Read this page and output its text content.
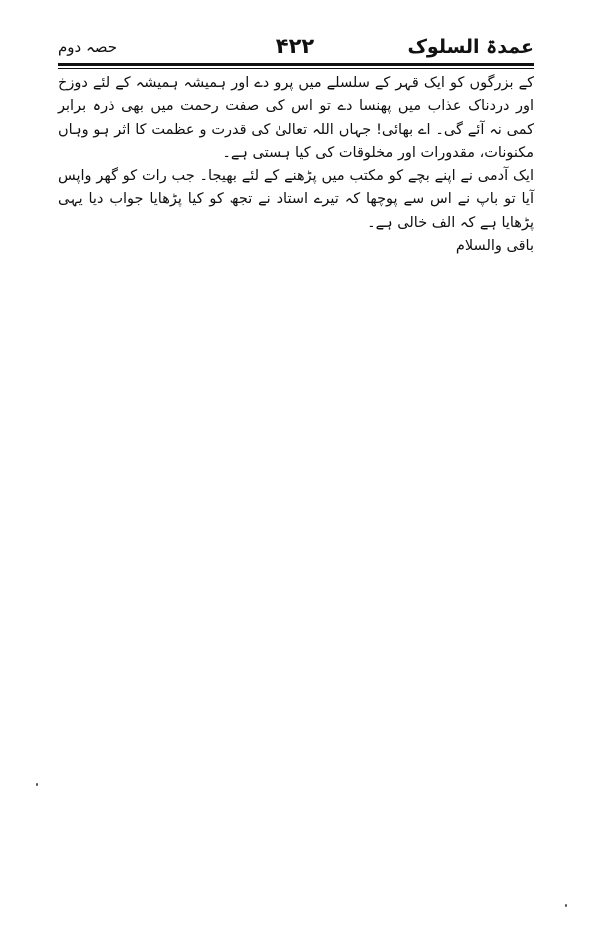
عمدۃ السلوک
۴۲۲
حصہ دوم

کے بزرگوں کو ایک قہر کے سلسلے میں پرو دے اور ہمیشہ ہمیشہ کے لئے دوزخ اور دردناک عذاب میں پھنسا دے تو اس کی صفت رحمت میں بھی ذرہ برابر کمی نہ آئے گی۔ اے بھائی! جہاں اللہ تعالیٰ کی قدرت و عظمت کا اثر ہو وہاں مکنونات، مقدورات اور مخلوقات کی کیا ہستی ہے۔

ایک آدمی نے اپنے بچے کو مکتب میں پڑھنے کے لئے بھیجا۔ جب رات کو گھر واپس آیا تو باپ نے اس سے پوچھا کہ تیرے استاد نے تجھ کو کیا پڑھایا جواب دیا یہی پڑھایا ہے کہ الف خالی ہے۔

باقی والسلام
